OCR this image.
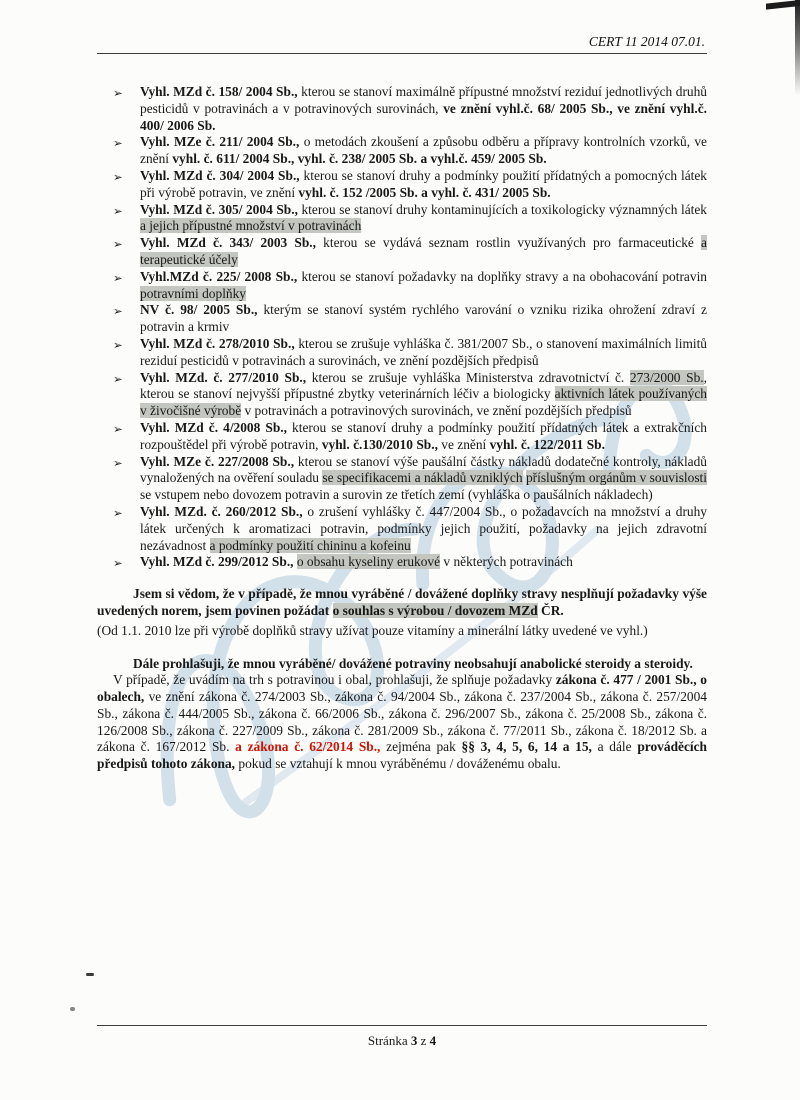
CERT 11 2014 07.01.
➢	Vyhl. MZd č. 158/ 2004 Sb., kterou se stanoví maximálně přípustné množství reziduí jednotlivých druhů pesticidů v potravinách a v potravinových surovinách, ve znění vyhl.č. 68/ 2005 Sb., ve znění vyhl.č. 400/ 2006 Sb.
➢	Vyhl. MZe č. 211/ 2004 Sb., o metodách zkoušení a způsobu odběru a přípravy kontrolních vzorků, ve znění vyhl. č. 611/ 2004 Sb., vyhl. č. 238/ 2005 Sb. a vyhl.č. 459/ 2005 Sb.
➢	Vyhl. MZd č. 304/ 2004 Sb., kterou se stanoví druhy a podmínky použití přídatných a pomocných látek při výrobě potravin, ve znění vyhl. č. 152 /2005 Sb. a vyhl. č. 431/ 2005 Sb.
➢	Vyhl. MZd č. 305/ 2004 Sb., kterou se stanoví druhy kontaminujících a toxikologicky významných látek a jejich přípustné množství v potravinách
➢	Vyhl. MZd č. 343/ 2003 Sb., kterou se vydává seznam rostlin využívaných pro farmaceutické a terapeutické účely
➢	Vyhl.MZd č. 225/ 2008 Sb., kterou se stanoví požadavky na doplňky stravy a na obohacování potravin potravními doplňky
➢	NV č. 98/ 2005 Sb., kterým se stanoví systém rychlého varování o vzniku rizika ohrožení zdraví z potravin a krmiv
➢	Vyhl. MZd č. 278/2010 Sb., kterou se zrušuje vyhláška č. 381/2007 Sb., o stanovení maximálních limitů reziduí pesticidů v potravinách a surovinách, ve znění pozdějších předpisů
➢	Vyhl. MZd. č. 277/2010 Sb., kterou se zrušuje vyhláška Ministerstva zdravotnictví č. 273/2000 Sb., kterou se stanoví nejvyšší přípustné zbytky veterinárních léčiv a biologicky aktivních látek používaných v živočišné výrobě v potravinách a potravinových surovinách, ve znění pozdějších předpisů
➢	Vyhl. MZd č. 4/2008 Sb., kterou se stanoví druhy a podmínky použití přídatných látek a extrakčních rozpouštědel při výrobě potravin, vyhl. č.130/2010 Sb., ve znění vyhl. č. 122/2011 Sb.
➢	Vyhl. MZe č. 227/2008 Sb., kterou se stanoví výše paušální částky nákladů dodatečné kontroly, nákladů vynaložených na ověření souladu se specifikacemi a nákladů vzniklých příslušným orgánům v souvislosti se vstupem nebo dovozem potravin a surovin ze třetích zemí (vyhláška o paušálních nákladech)
➢	Vyhl. MZd. č. 260/2012 Sb., o zrušení vyhlášky č. 447/2004 Sb., o požadavcích na množství a druhy látek určených k aromatizaci potravin, podmínky jejich použití, požadavky na jejich zdravotní nezávadnost a podmínky použití chininu a kofeinu
➢	Vyhl. MZd č. 299/2012 Sb., o obsahu kyseliny erukové v některých potravinách
Jsem si vědom, že v případě, že mnou vyráběné / dovážené doplňky stravy nesplňují požadavky výše uvedených norem, jsem povinen požádat o souhlas s výrobou / dovozem MZd ČR.
(Od 1.1. 2010 lze při výrobě doplňků stravy užívat pouze vitamíny a minerální látky uvedené ve vyhl.)
Dále prohlašuji, že mnou vyráběné/ dovážené potraviny neobsahují anabolické steroidy a steroidy.
V případě, že uvádím na trh s potravinou i obal, prohlašuji, že splňuje požadavky zákona č. 477 / 2001 Sb., o obalech, ve znění zákona č. 274/2003 Sb., zákona č. 94/2004 Sb., zákona č. 237/2004 Sb., zákona č. 257/2004 Sb., zákona č. 444/2005 Sb., zákona č. 66/2006 Sb., zákona č. 296/2007 Sb., zákona č. 25/2008 Sb., zákona č. 126/2008 Sb., zákona č. 227/2009 Sb., zákona č. 281/2009 Sb., zákona č. 77/2011 Sb., zákona č. 18/2012 Sb. a zákona č. 167/2012 Sb. a zákona č. 62/2014 Sb., zejména pak §§ 3, 4, 5, 6, 14 a 15, a dále prováděcích předpisů tohoto zákona, pokud se vztahují k mnou vyráběnému / dováženému obalu.
Stránka 3 z 4
